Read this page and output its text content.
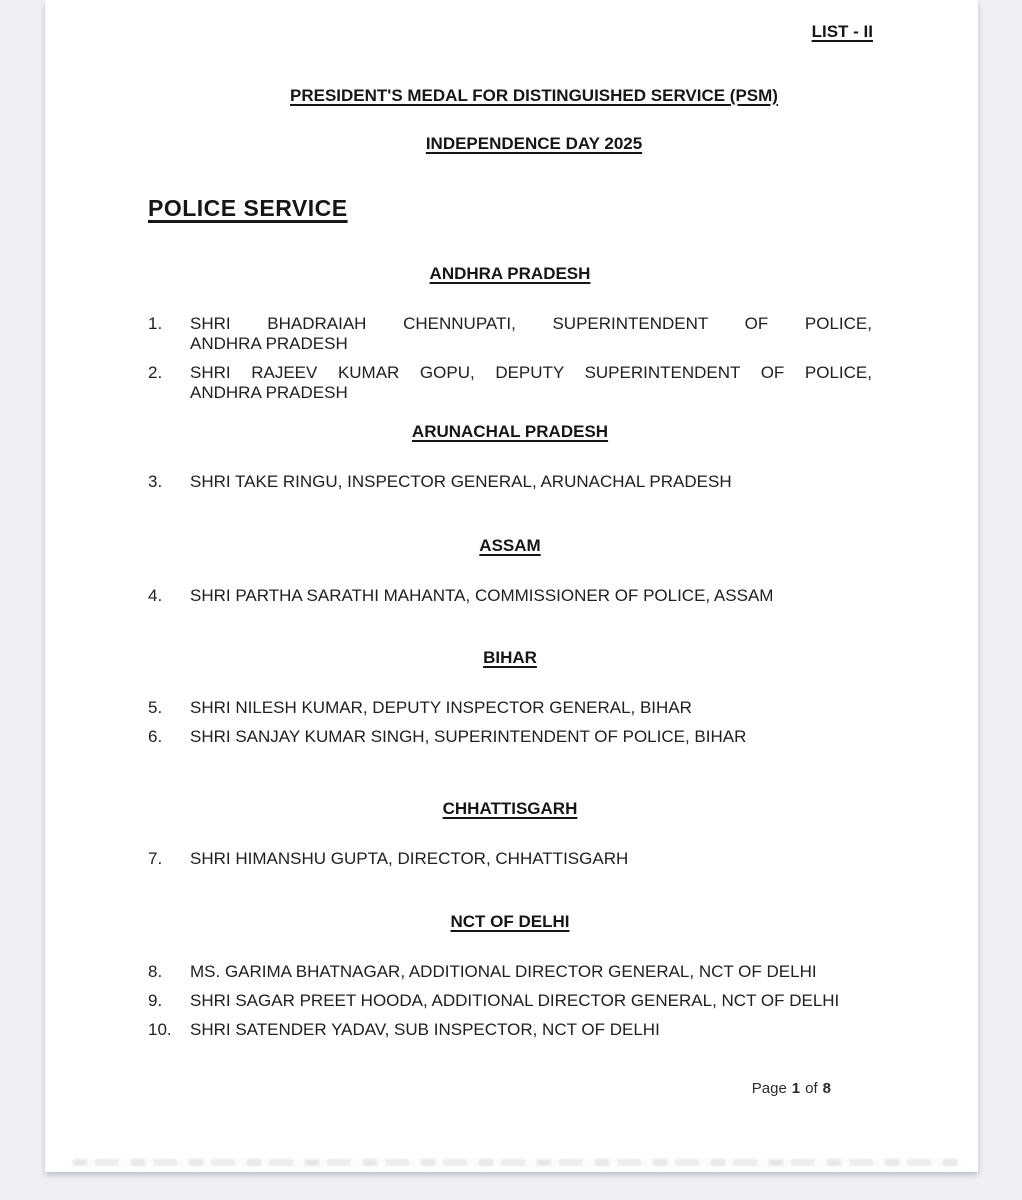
LIST - II
PRESIDENT'S MEDAL FOR DISTINGUISHED SERVICE (PSM)
INDEPENDENCE DAY 2025
POLICE SERVICE
ANDHRA PRADESH
1.	SHRI BHADRAIAH CHENNUPATI, SUPERINTENDENT OF POLICE,
ANDHRA PRADESH
2.	SHRI RAJEEV KUMAR GOPU, DEPUTY SUPERINTENDENT OF POLICE,
ANDHRA PRADESH
ARUNACHAL PRADESH
3.	SHRI TAKE RINGU, INSPECTOR GENERAL, ARUNACHAL PRADESH
ASSAM
4.	SHRI PARTHA SARATHI MAHANTA, COMMISSIONER OF POLICE, ASSAM
BIHAR
5.	SHRI NILESH KUMAR, DEPUTY INSPECTOR GENERAL, BIHAR
6.	SHRI SANJAY KUMAR SINGH, SUPERINTENDENT OF POLICE, BIHAR
CHHATTISGARH
7.	SHRI HIMANSHU GUPTA, DIRECTOR, CHHATTISGARH
NCT OF DELHI
8.	MS. GARIMA BHATNAGAR, ADDITIONAL DIRECTOR GENERAL, NCT OF DELHI
9.	SHRI SAGAR PREET HOODA, ADDITIONAL DIRECTOR GENERAL, NCT OF DELHI
10.	SHRI SATENDER YADAV, SUB INSPECTOR, NCT OF DELHI
Page 1 of 8
